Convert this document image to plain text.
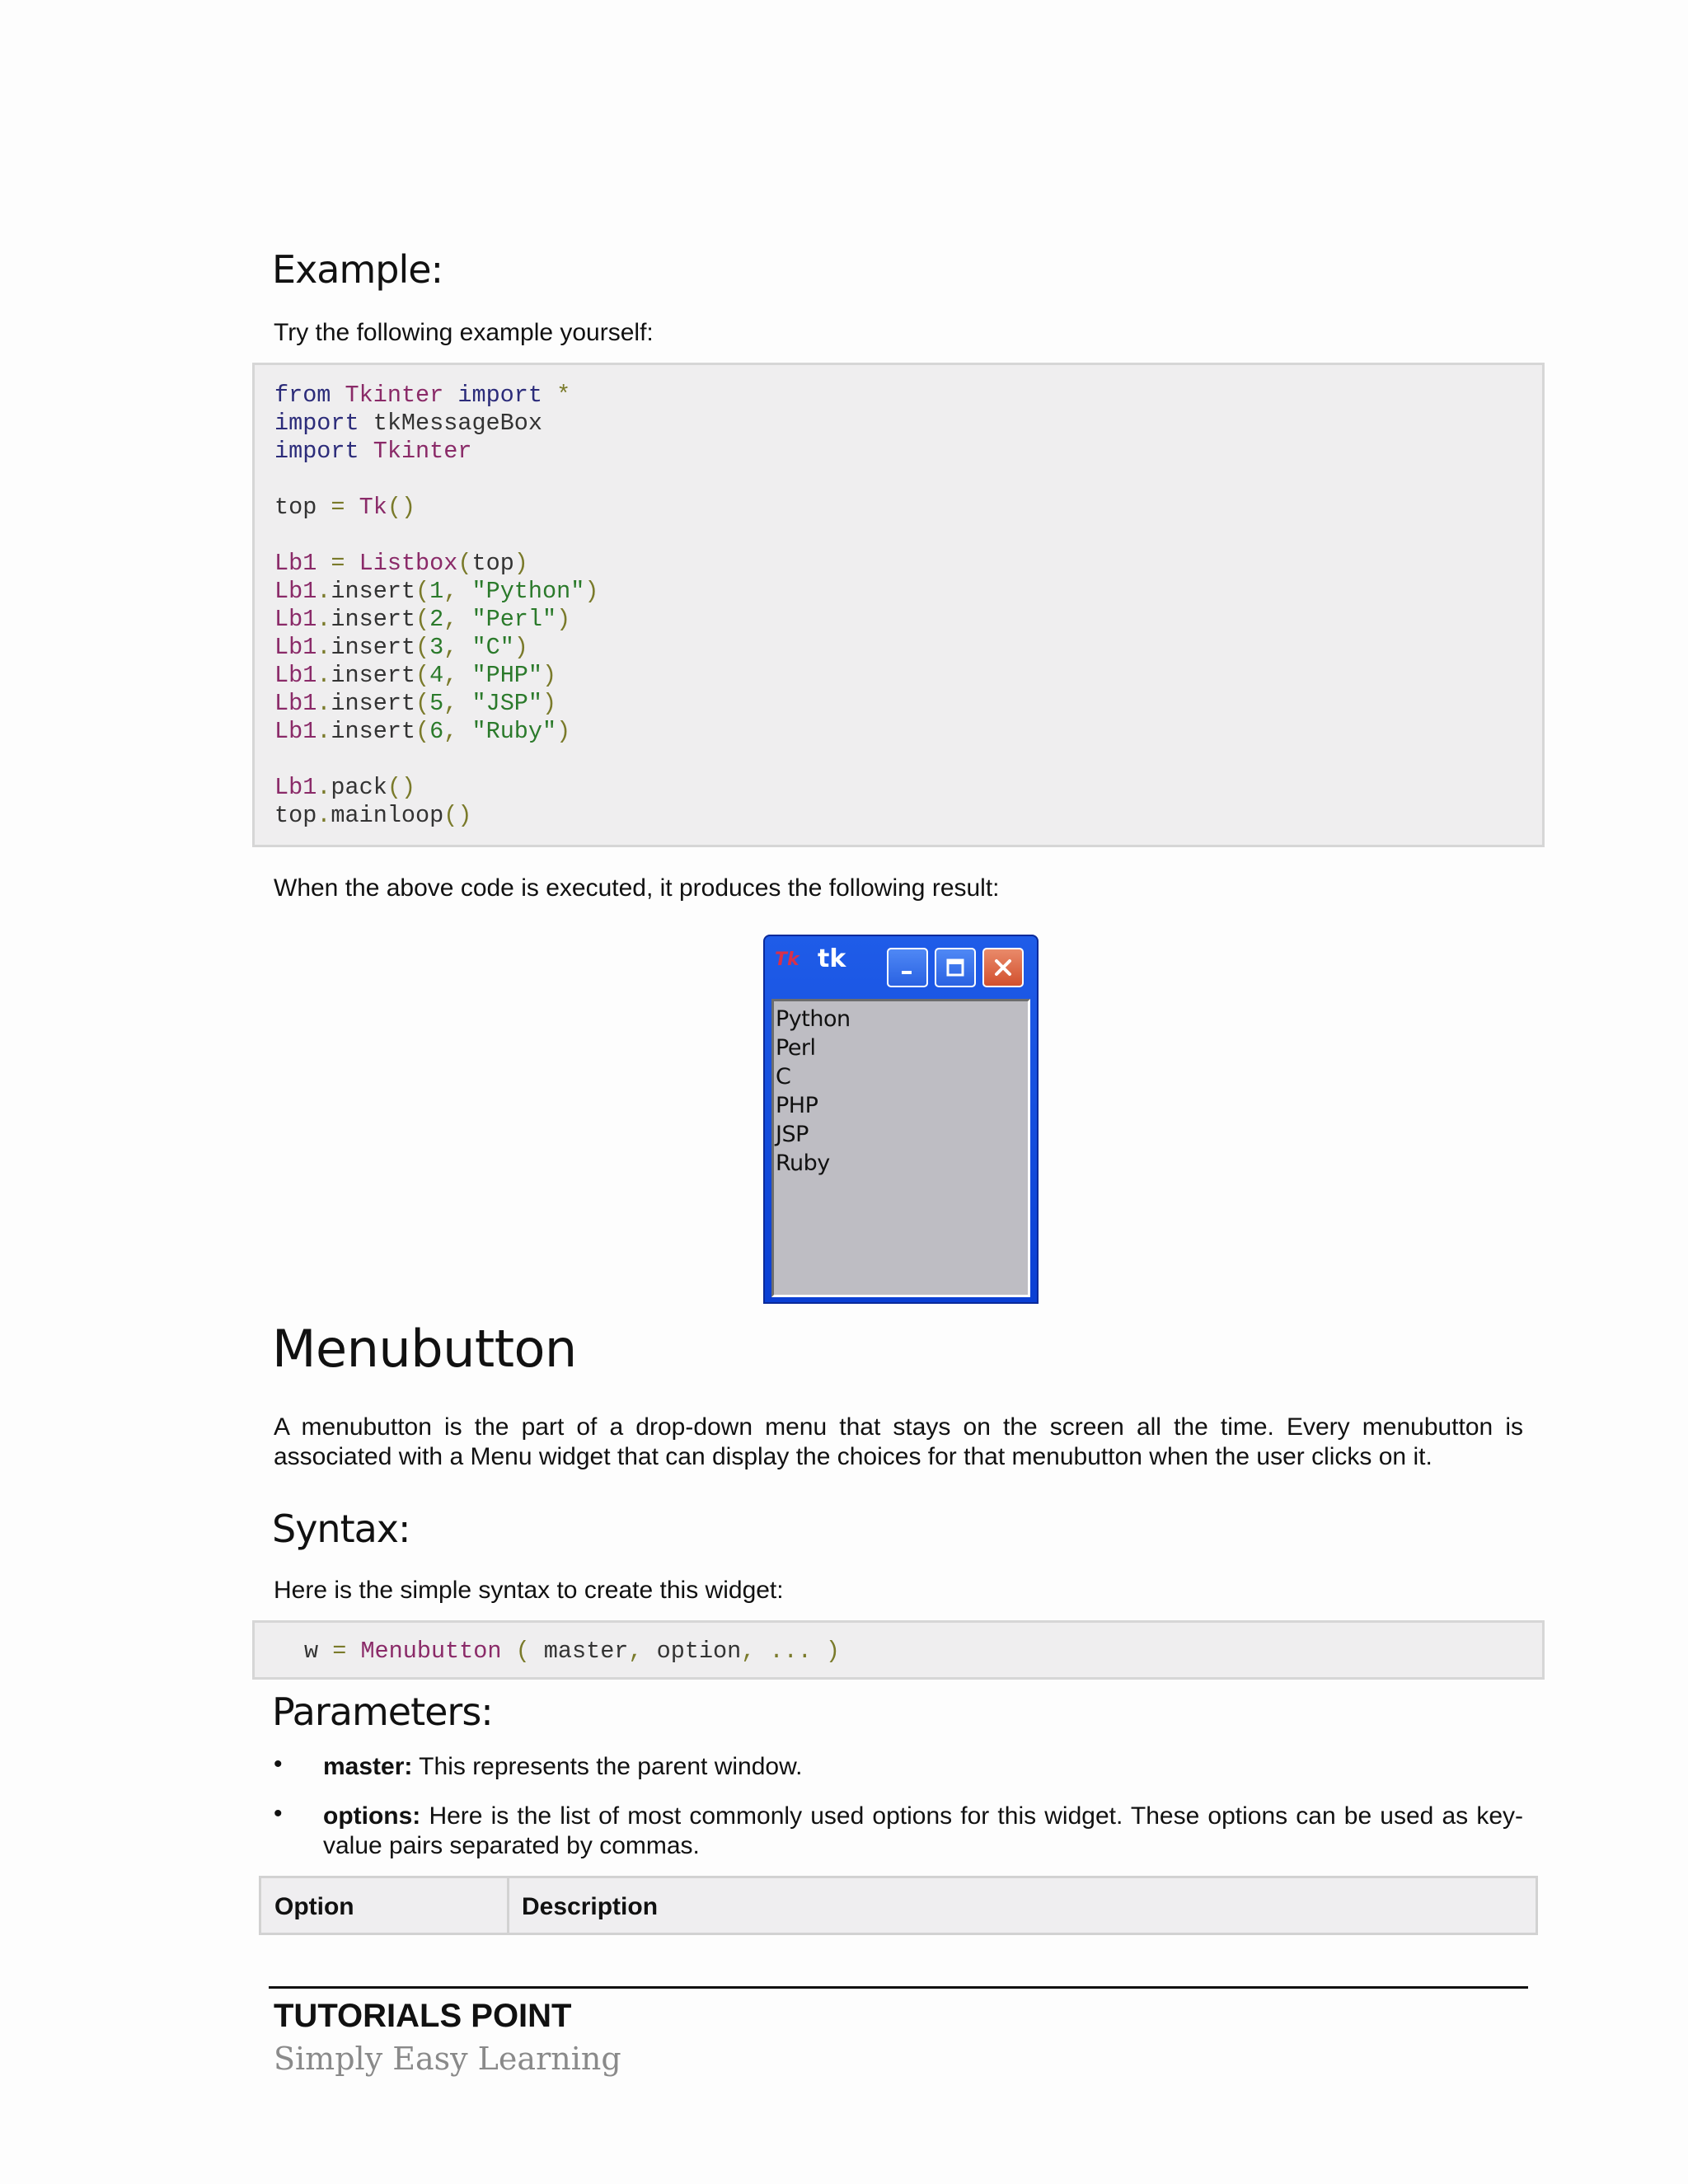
Example:
Try the following example yourself:
from Tkinter import *
import tkMessageBox
import Tkinter

top = Tk()

Lb1 = Listbox(top)
Lb1.insert(1, "Python")
Lb1.insert(2, "Perl")
Lb1.insert(3, "C")
Lb1.insert(4, "PHP")
Lb1.insert(5, "JSP")
Lb1.insert(6, "Ruby")

Lb1.pack()
top.mainloop()
When the above code is executed, it produces the following result:
Tk tk
Python
Perl
C
PHP
JSP
Ruby
Menubutton
A menubutton is the part of a drop-down menu that stays on the screen all the time. Every menubutton is associated with a Menu widget that can display the choices for that menubutton when the user clicks on it.
Syntax:
Here is the simple syntax to create this widget:
w = Menubutton ( master, option, ... )
Parameters:
• master: This represents the parent window.
• options: Here is the list of most commonly used options for this widget. These options can be used as key-value pairs separated by commas.
Option	Description
TUTORIALS POINT
Simply Easy Learning
